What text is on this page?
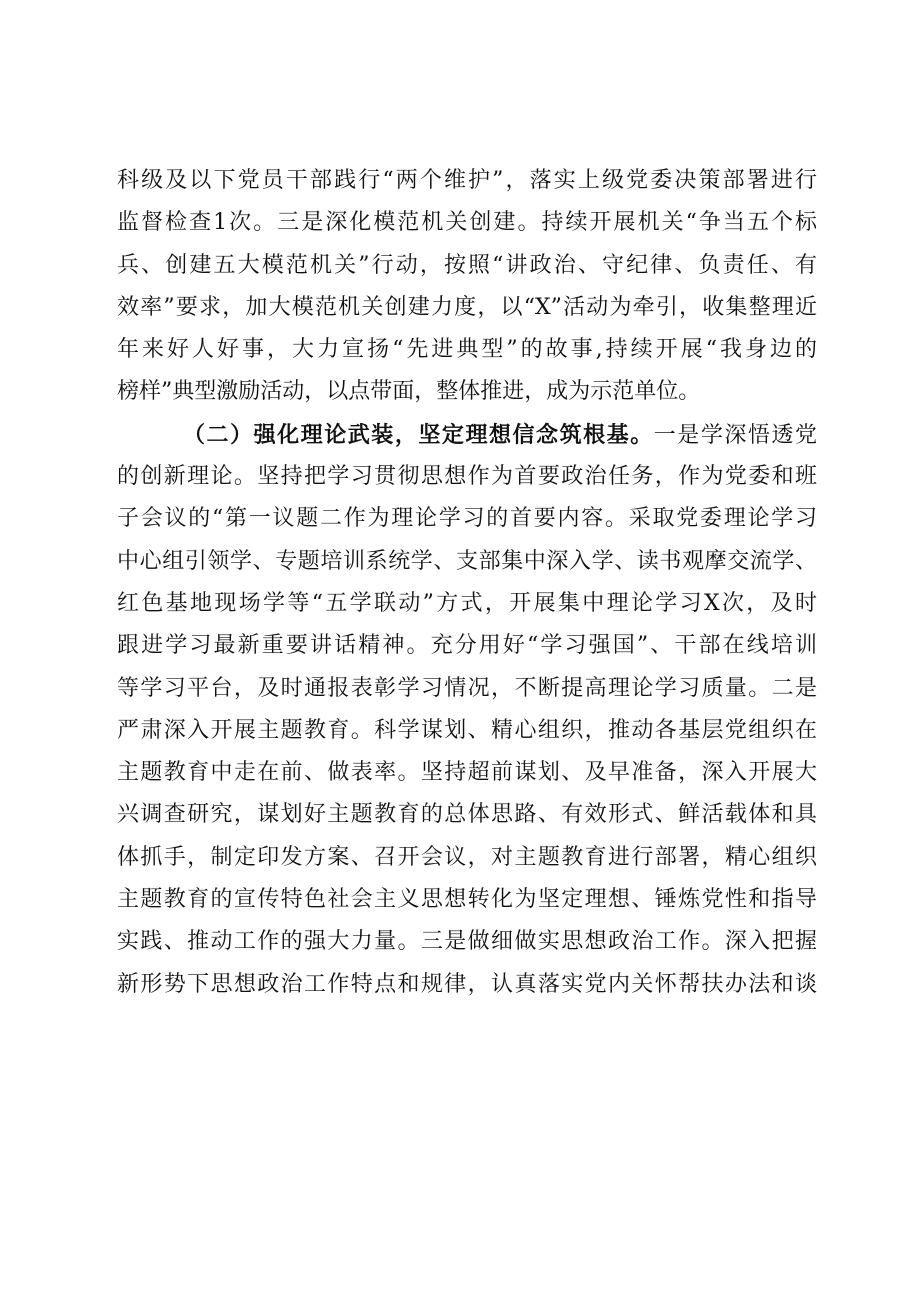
科级及以下党员干部践行“两个维护”，落实上级党委决策部署进行
监督检查1次。三是深化模范机关创建。持续开展机关“争当五个标
兵、创建五大模范机关”行动，按照“讲政治、守纪律、负责任、有
效率”要求，加大模范机关创建力度，以“X”活动为牵引，收集整理近
年来好人好事，大力宣扬“先进典型”的故事,持续开展“我身边的
榜样”典型激励活动，以点带面，整体推进，成为示范单位。
（二）强化理论武装，坚定理想信念筑根基。一是学深悟透党
的创新理论。坚持把学习贯彻思想作为首要政治任务，作为党委和班
子会议的“第一议题二作为理论学习的首要内容。采取党委理论学习
中心组引领学、专题培训系统学、支部集中深入学、读书观摩交流学、
红色基地现场学等“五学联动”方式，开展集中理论学习X次，及时
跟进学习最新重要讲话精神。充分用好“学习强国”、干部在线培训
等学习平台，及时通报表彰学习情况，不断提高理论学习质量。二是
严肃深入开展主题教育。科学谋划、精心组织，推动各基层党组织在
主题教育中走在前、做表率。坚持超前谋划、及早准备，深入开展大
兴调查研究，谋划好主题教育的总体思路、有效形式、鲜活载体和具
体抓手，制定印发方案、召开会议，对主题教育进行部署，精心组织
主题教育的宣传特色社会主义思想转化为坚定理想、锤炼党性和指导
实践、推动工作的强大力量。三是做细做实思想政治工作。深入把握
新形势下思想政治工作特点和规律，认真落实党内关怀帮扶办法和谈
